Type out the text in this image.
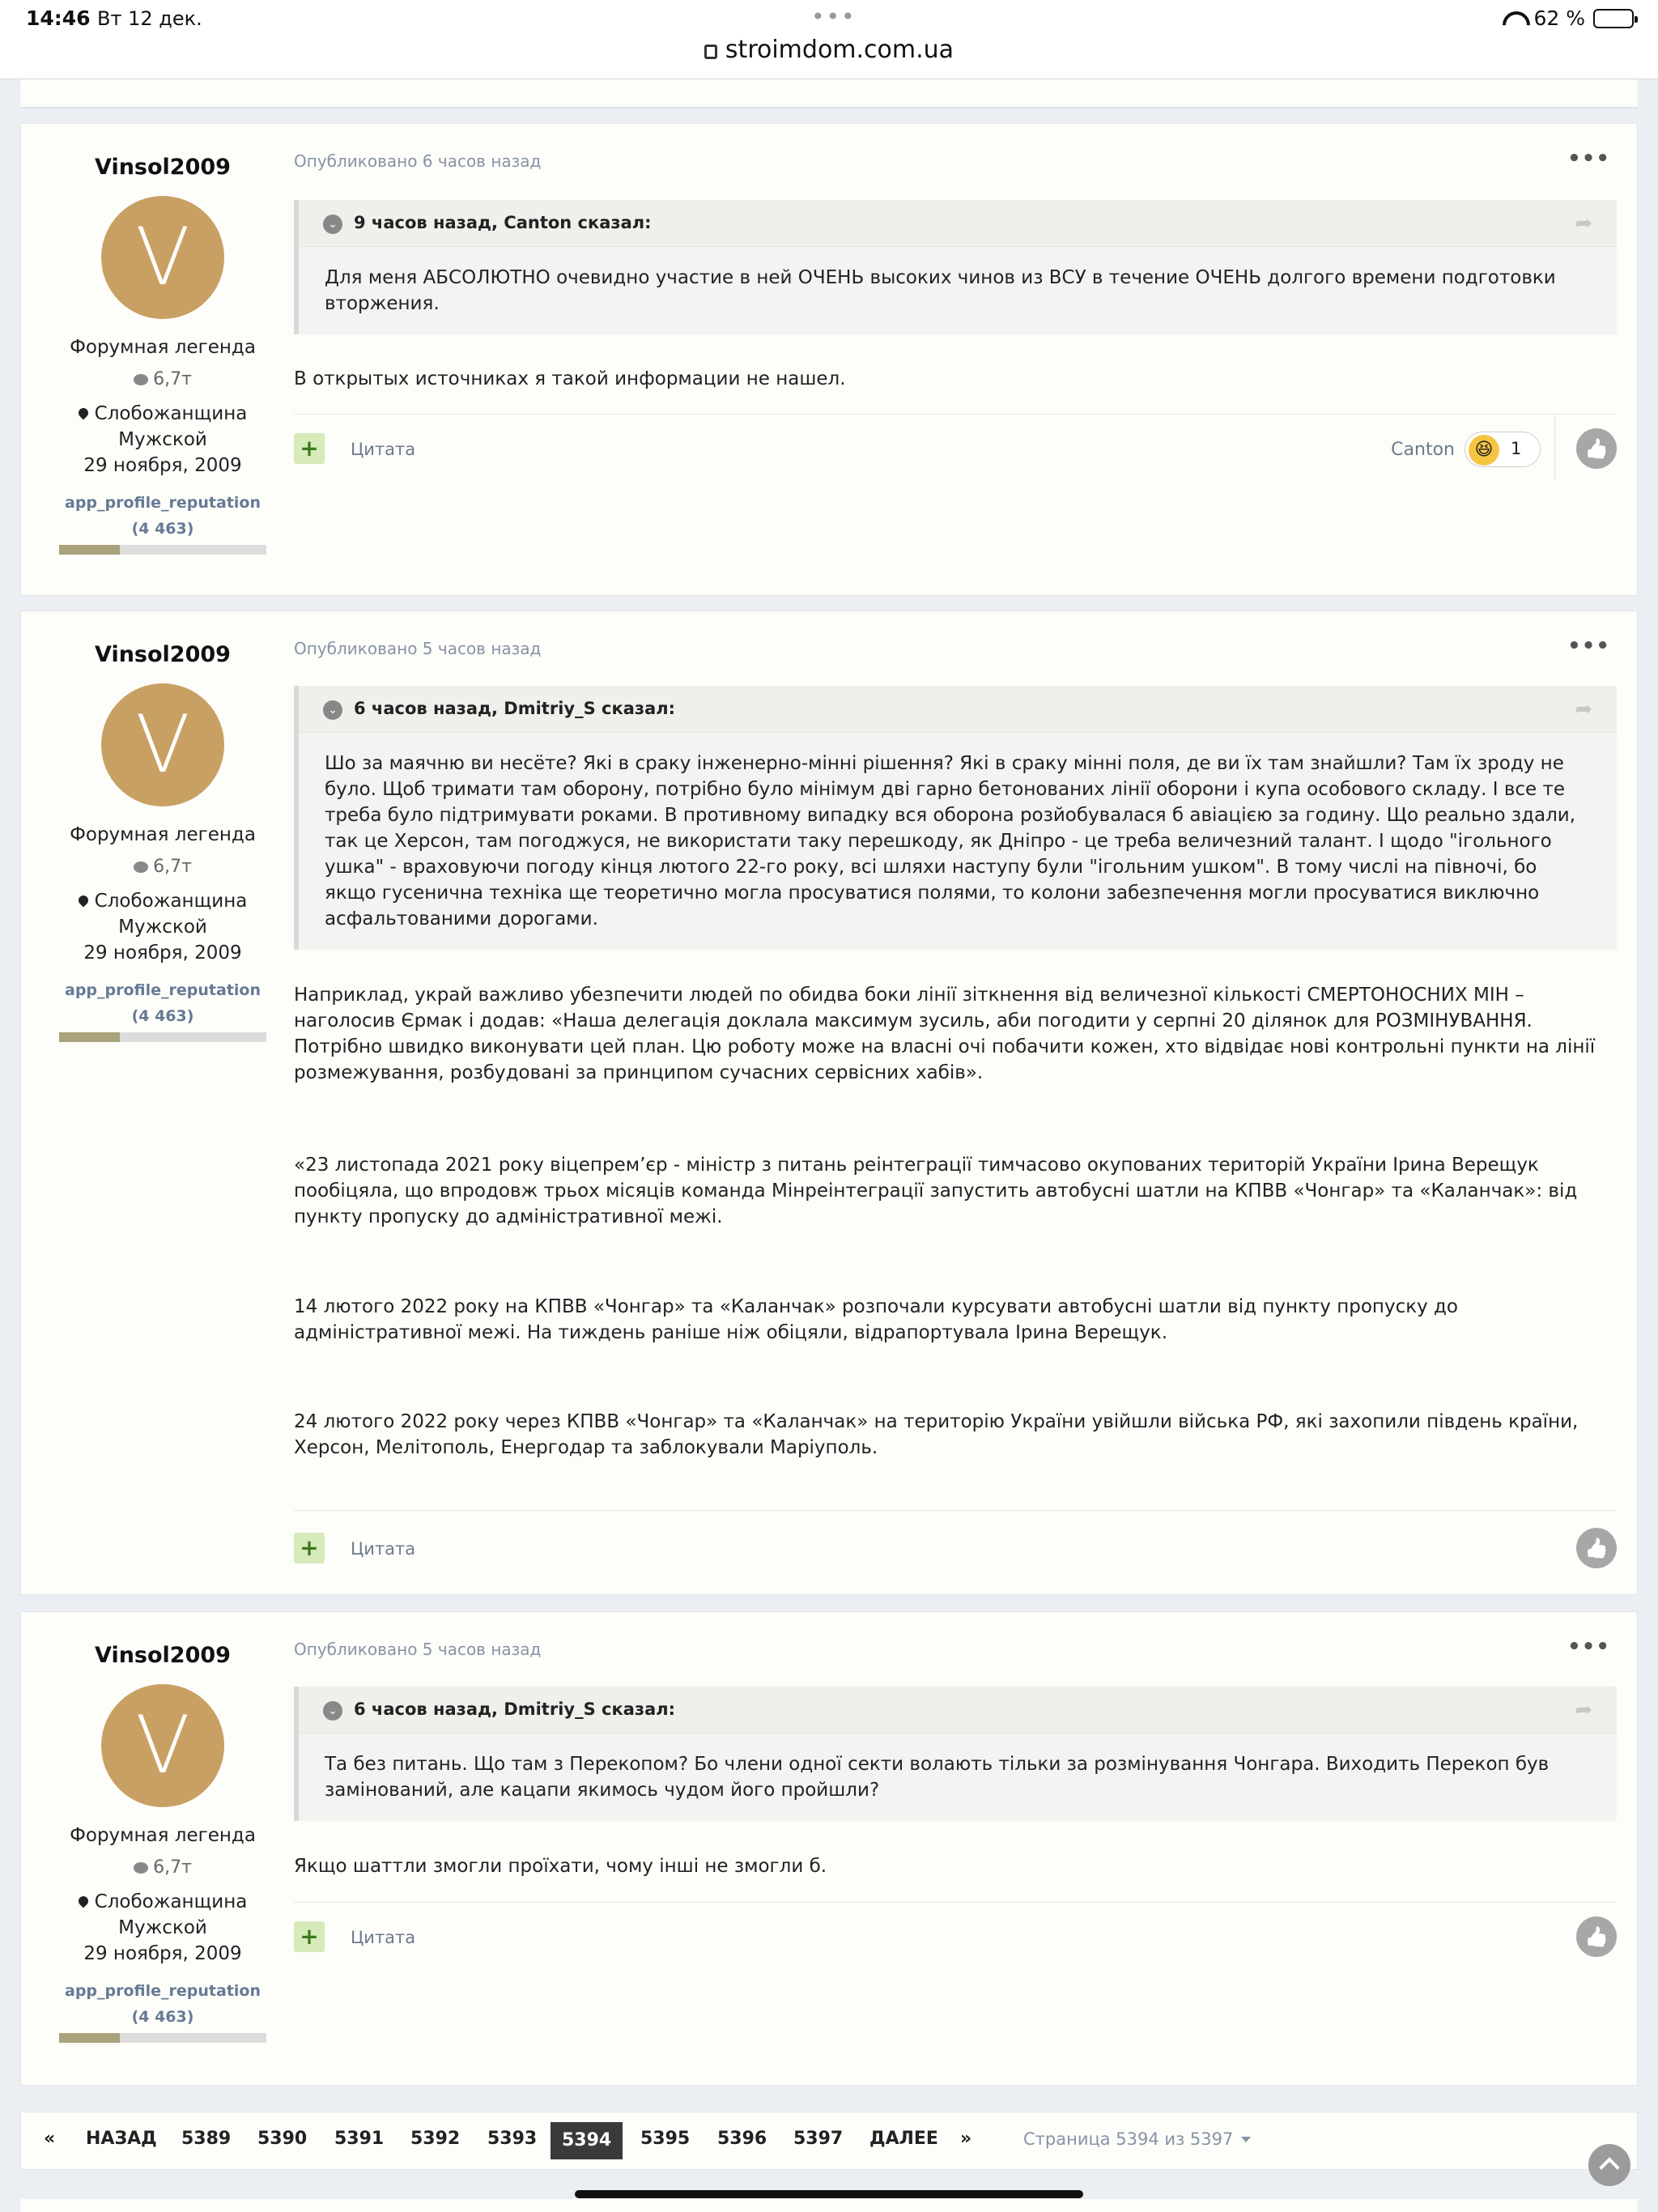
14:46 Вт 12 дек.	•••
stroimdom.com.ua
62 %
Vinsol2009
V
Форумная легенда
6,7т
Слобожанщина
Мужской
29 ноября, 2009
app_profile_reputation
(4 463)
Опубликовано 6 часов назад	•••
⌄ 9 часов назад, Canton сказал:	➦
Для меня АБСОЛЮТНО очевидно участие в ней ОЧЕНЬ высоких чинов из ВСУ в течение ОЧЕНЬ долгого времени подготовки вторжения.
В открытых источниках я такой информации не нашел.
+	Цитата	Canton	😆	1
👍
Vinsol2009
V
Форумная легенда
6,7т
Слобожанщина
Мужской
29 ноября, 2009
app_profile_reputation
(4 463)
Опубликовано 5 часов назад	•••
⌄ 6 часов назад, Dmitriy_S сказал:	➦
Шо за маячню ви несёте? Які в сраку інженерно-мінні рішення? Які в сраку мінні поля, де ви їх там знайшли? Там їх зроду не було. Щоб тримати там оборону, потрібно було мінімум дві гарно бетонованих лінії оборони і купа особового складу. І все те треба було підтримувати роками. В противному випадку вся оборона розйобувалася б авіацією за годину. Що реально здали, так це Херсон, там погоджуся, не використати таку перешкоду, як Дніпро - це треба величезний талант. І щодо "ігольного ушка" - враховуючи погоду кінця лютого 22-го року, всі шляхи наступу були "ігольним ушком". В тому числі на півночі, бо якщо гусенична техніка ще теоретично могла просуватися полями, то колони забезпечення могли просуватися виключно асфальтованими дорогами.
Наприклад, украй важливо убезпечити людей по обидва боки лінії зіткнення від величезної кількості СМЕРТОНОСНИХ МІН – наголосив Єрмак і додав: «Наша делегація доклала максимум зусиль, аби погодити у серпні 20 ділянок для РОЗМІНУВАННЯ. Потрібно швидко виконувати цей план. Цю роботу може на власні очі побачити кожен, хто відвідає нові контрольні пункти на лінії розмежування, розбудовані за принципом сучасних сервісних хабів».
«23 листопада 2021 року віцепрем’єр - міністр з питань реінтеграції тимчасово окупованих територій України Ірина Верещук пообіцяла, що впродовж трьох місяців команда Мінреінтеграції запустить автобусні шатли на КПВВ «Чонгар» та «Каланчак»: від пункту пропуску до адміністративної межі.
14 лютого 2022 року на КПВВ «Чонгар» та «Каланчак» розпочали курсувати автобусні шатли від пункту пропуску до адміністративної межі. На тиждень раніше ніж обіцяли, відрапортувала Ірина Верещук.
24 лютого 2022 року через КПВВ «Чонгар» та «Каланчак» на територію України увійшли війська РФ, які захопили південь країни, Херсон, Мелітополь, Енергодар та заблокували Маріуполь.
+	Цитата
👍
Vinsol2009
V
Форумная легенда
6,7т
Слобожанщина
Мужской
29 ноября, 2009
app_profile_reputation
(4 463)
Опубликовано 5 часов назад	•••
⌄ 6 часов назад, Dmitriy_S сказал:	➦
Та без питань. Що там з Перекопом? Бо члени одної секти волають тільки за розмінування Чонгара. Виходить Перекоп був замінований, але кацапи якимось чудом його пройшли?
Якщо шаттли змогли проїхати, чому інші не змогли б.
+	Цитата
👍
« НАЗАД 5389 5390 5391 5392 5393	5394	5395 5396 5397 ДАЛЕЕ »	Страница 5394 из 5397
